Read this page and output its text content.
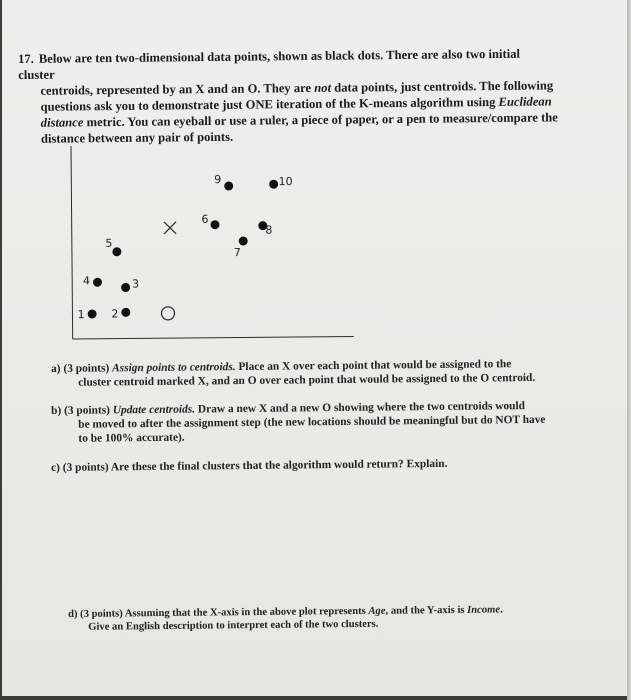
17. Below are ten two-dimensional data points, shown as black dots. There are also two initial cluster
centroids, represented by an X and an O. They are not data points, just centroids. The following
questions ask you to demonstrate just ONE iteration of the K-means algorithm using Euclidean
distance metric. You can eyeball or use a ruler, a piece of paper, or a pen to measure/compare the
distance between any pair of points.
1 2
3
4
5
6
7
8
9	10
a) (3 points) Assign points to centroids. Place an X over each point that would be assigned to the
cluster centroid marked X, and an O over each point that would be assigned to the O centroid.
b) (3 points) Update centroids. Draw a new X and a new O showing where the two centroids would
be moved to after the assignment step (the new locations should be meaningful but do NOT have
to be 100% accurate).
c) (3 points) Are these the final clusters that the algorithm would return? Explain.
d) (3 points) Assuming that the X-axis in the above plot represents Age, and the Y-axis is Income.
Give an English description to interpret each of the two clusters.
